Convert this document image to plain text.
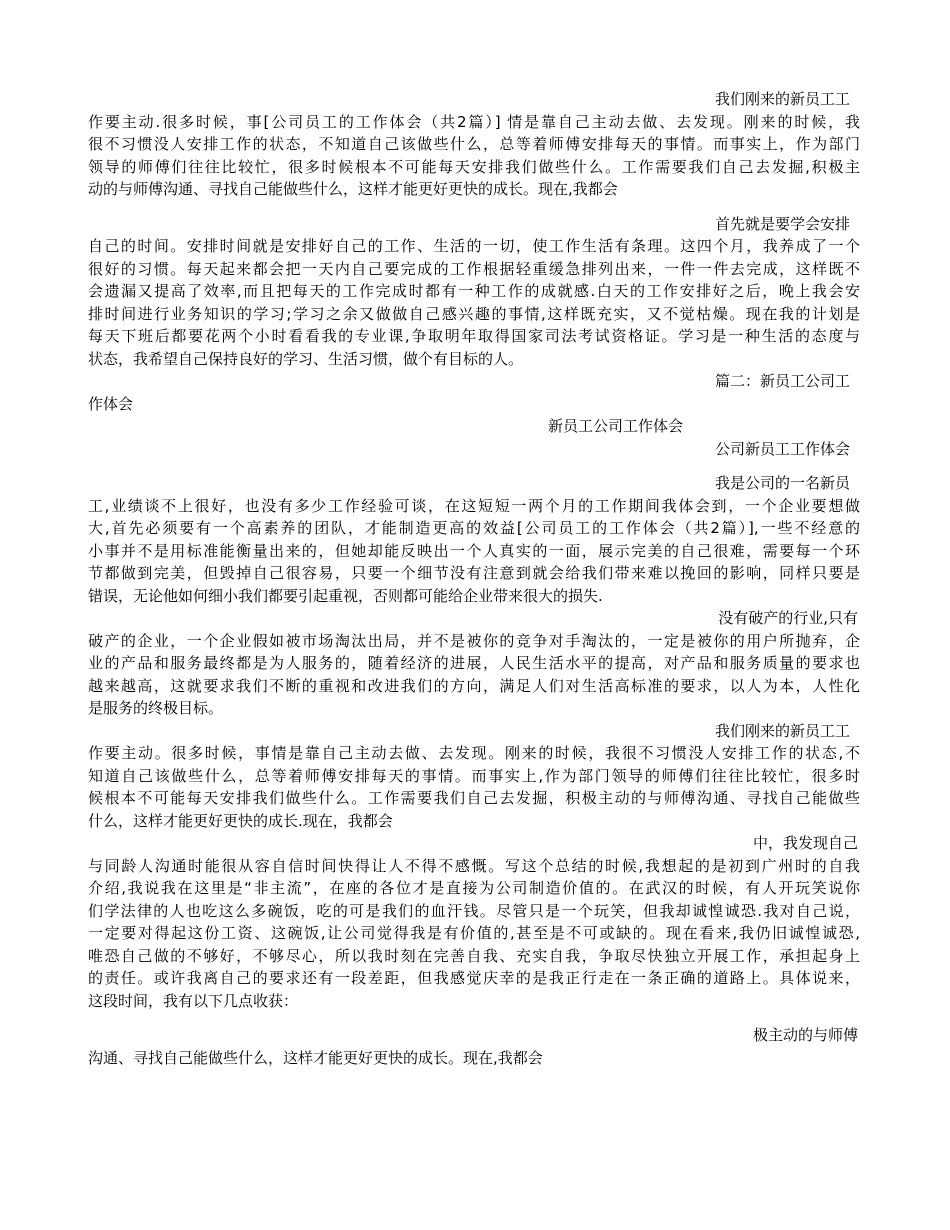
我们刚来的新员工工
作要主动.很多时候，事[公司员工的工作体会（共2篇）] 情是靠自己主动去做、去发现。刚来的时候，我
很不习惯没人安排工作的状态，不知道自己该做些什么，总等着师傅安排每天的事情。而事实上，作为部门
领导的师傅们往往比较忙，很多时候根本不可能每天安排我们做些什么。工作需要我们自己去发掘,积极主
动的与师傅沟通、寻找自己能做些什么，这样才能更好更快的成长。现在,我都会
首先就是要学会安排
自己的时间。安排时间就是安排好自己的工作、生活的一切，使工作生活有条理。这四个月，我养成了一个
很好的习惯。每天起来都会把一天内自己要完成的工作根据轻重缓急排列出来，一件一件去完成，这样既不
会遗漏又提高了效率,而且把每天的工作完成时都有一种工作的成就感.白天的工作安排好之后，晚上我会安
排时间进行业务知识的学习;学习之余又做做自己感兴趣的事情,这样既充实，又不觉枯燥。现在我的计划是
每天下班后都要花两个小时看看我的专业课,争取明年取得国家司法考试资格证。学习是一种生活的态度与
状态，我希望自己保持良好的学习、生活习惯，做个有目标的人。
篇二：新员工公司工
作体会
新员工公司工作体会
公司新员工工作体会
我是公司的一名新员
工,业绩谈不上很好，也没有多少工作经验可谈，在这短短一两个月的工作期间我体会到，一个企业要想做
大,首先必须要有一个高素养的团队，才能制造更高的效益[公司员工的工作体会（共2篇）],一些不经意的
小事并不是用标准能衡量出来的，但她却能反映出一个人真实的一面，展示完美的自己很难，需要每一个环
节都做到完美，但毁掉自己很容易，只要一个细节没有注意到就会给我们带来难以挽回的影响，同样只要是
错误，无论他如何细小我们都要引起重视，否则都可能给企业带来很大的损失.
没有破产的行业,只有
破产的企业，一个企业假如被市场淘汰出局，并不是被你的竞争对手淘汰的，一定是被你的用户所抛弃，企
业的产品和服务最终都是为人服务的，随着经济的进展，人民生活水平的提高，对产品和服务质量的要求也
越来越高，这就要求我们不断的重视和改进我们的方向，满足人们对生活高标准的要求，以人为本，人性化
是服务的终极目标。
我们刚来的新员工工
作要主动。很多时候，事情是靠自己主动去做、去发现。刚来的时候，我很不习惯没人安排工作的状态,不
知道自己该做些什么，总等着师傅安排每天的事情。而事实上,作为部门领导的师傅们往往比较忙，很多时
候根本不可能每天安排我们做些什么。工作需要我们自己去发掘，积极主动的与师傅沟通、寻找自己能做些
什么，这样才能更好更快的成长.现在，我都会
中，我发现自己
与同龄人沟通时能很从容自信时间快得让人不得不感慨。写这个总结的时候,我想起的是初到广州时的自我
介绍,我说我在这里是“非主流”，在座的各位才是直接为公司制造价值的。在武汉的时候，有人开玩笑说你
们学法律的人也吃这么多碗饭，吃的可是我们的血汗钱。尽管只是一个玩笑，但我却诚惶诚恐.我对自己说，
一定要对得起这份工资、这碗饭,让公司觉得我是有价值的,甚至是不可或缺的。现在看来,我仍旧诚惶诚恐,
唯恐自己做的不够好，不够尽心，所以我时刻在完善自我、充实自我，争取尽快独立开展工作，承担起身上
的责任。或许我离自己的要求还有一段差距，但我感觉庆幸的是我正行走在一条正确的道路上。具体说来，
这段时间，我有以下几点收获：
极主动的与师傅
沟通、寻找自己能做些什么，这样才能更好更快的成长。现在,我都会
